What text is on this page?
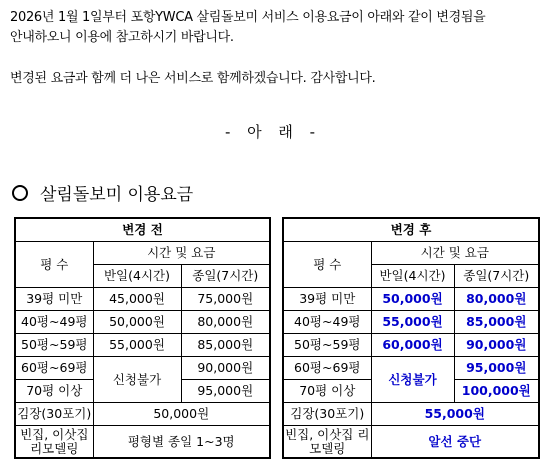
2026년 1월 1일부터 포항YWCA 살림돌보미 서비스 이용요금이 아래와 같이 변경됨을

안내하오니 이용에 참고하시기 바랍니다.

변경된 요금과 함께 더 나은 서비스로 함께하겠습니다. 감사합니다.

- 아 래 -
살림돌보미 이용요금
변경 전		
평 수	시간 및 요금	
	반일(4시간)	종일(7시간)
39평 미만	45,000원	75,000원
40평~49평	50,000원	80,000원
50평~59평	55,000원	85,000원
60평~69평	신청불가	90,000원
70평 이상		95,000원
김장(30포기)	50,000원	
빈집, 이삿집 리모델링	평형별 종일 1~3명	
변경 후		
평 수	시간 및 요금	
	반일(4시간)	종일(7시간)
39평 미만	50,000원	80,000원
40평~49평	55,000원	85,000원
50평~59평	60,000원	90,000원
60평~69평	신청불가	95,000원
70평 이상		100,000원
김장(30포기)	55,000원	
빈집, 이삿집 리모델링	알선 중단	
